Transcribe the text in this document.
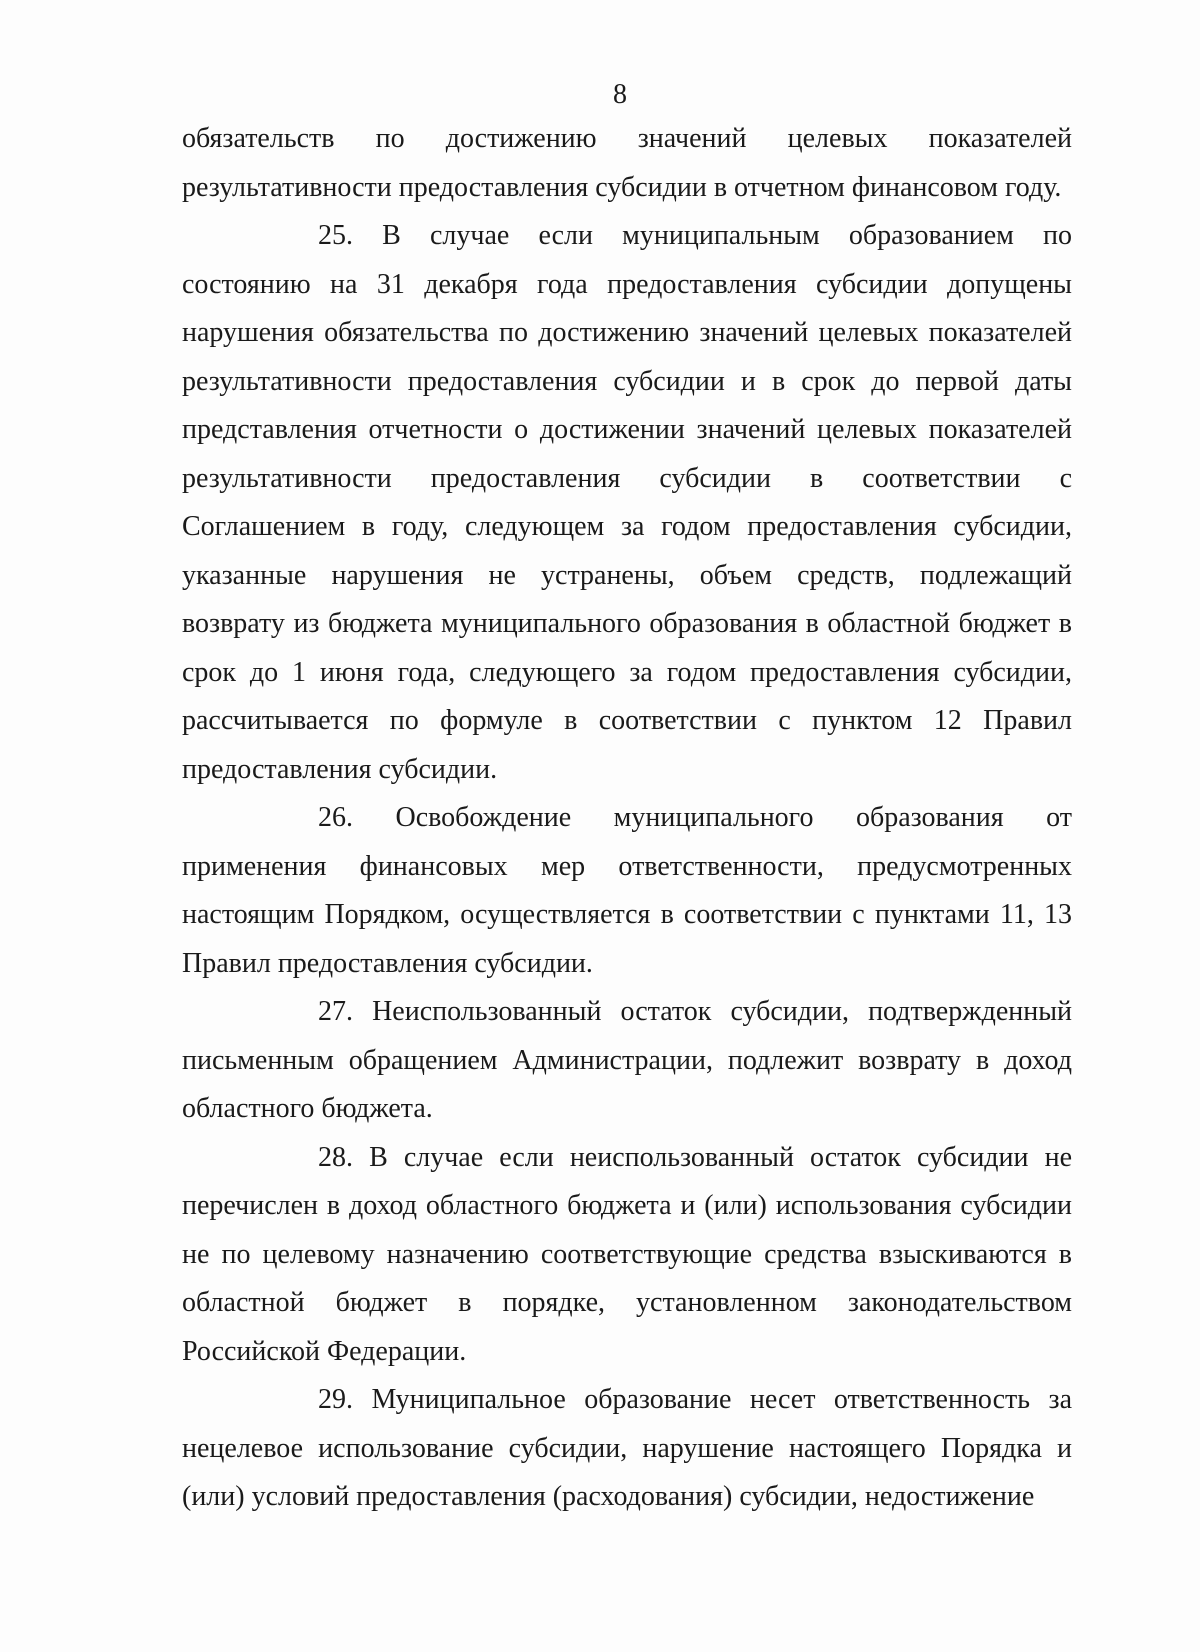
8

обязательств по достижению значений целевых показателей результативности предоставления субсидии в отчетном финансовом году.

25. В случае если муниципальным образованием по состоянию на 31 декабря года предоставления субсидии допущены нарушения обязательства по достижению значений целевых показателей результативности предоставления субсидии и в срок до первой даты представления отчетности о достижении значений целевых показателей результативности предоставления субсидии в соответствии с Соглашением в году, следующем за годом предоставления субсидии, указанные нарушения не устранены, объем средств, подлежащий возврату из бюджета муниципального образования в областной бюджет в срок до 1 июня года, следующего за годом предоставления субсидии, рассчитывается по формуле в соответствии с пунктом 12 Правил предоставления субсидии.

26. Освобождение муниципального образования от применения финансовых мер ответственности, предусмотренных настоящим Порядком, осуществляется в соответствии с пунктами 11, 13 Правил предоставления субсидии.

27. Неиспользованный остаток субсидии, подтвержденный письменным обращением Администрации, подлежит возврату в доход областного бюджета.

28. В случае если неиспользованный остаток субсидии не перечислен в доход областного бюджета и (или) использования субсидии не по целевому назначению соответствующие средства взыскиваются в областной бюджет в порядке, установленном законодательством Российской Федерации.

29. Муниципальное образование несет ответственность за нецелевое использование субсидии, нарушение настоящего Порядка и (или) условий предоставления (расходования) субсидии, недостижение
